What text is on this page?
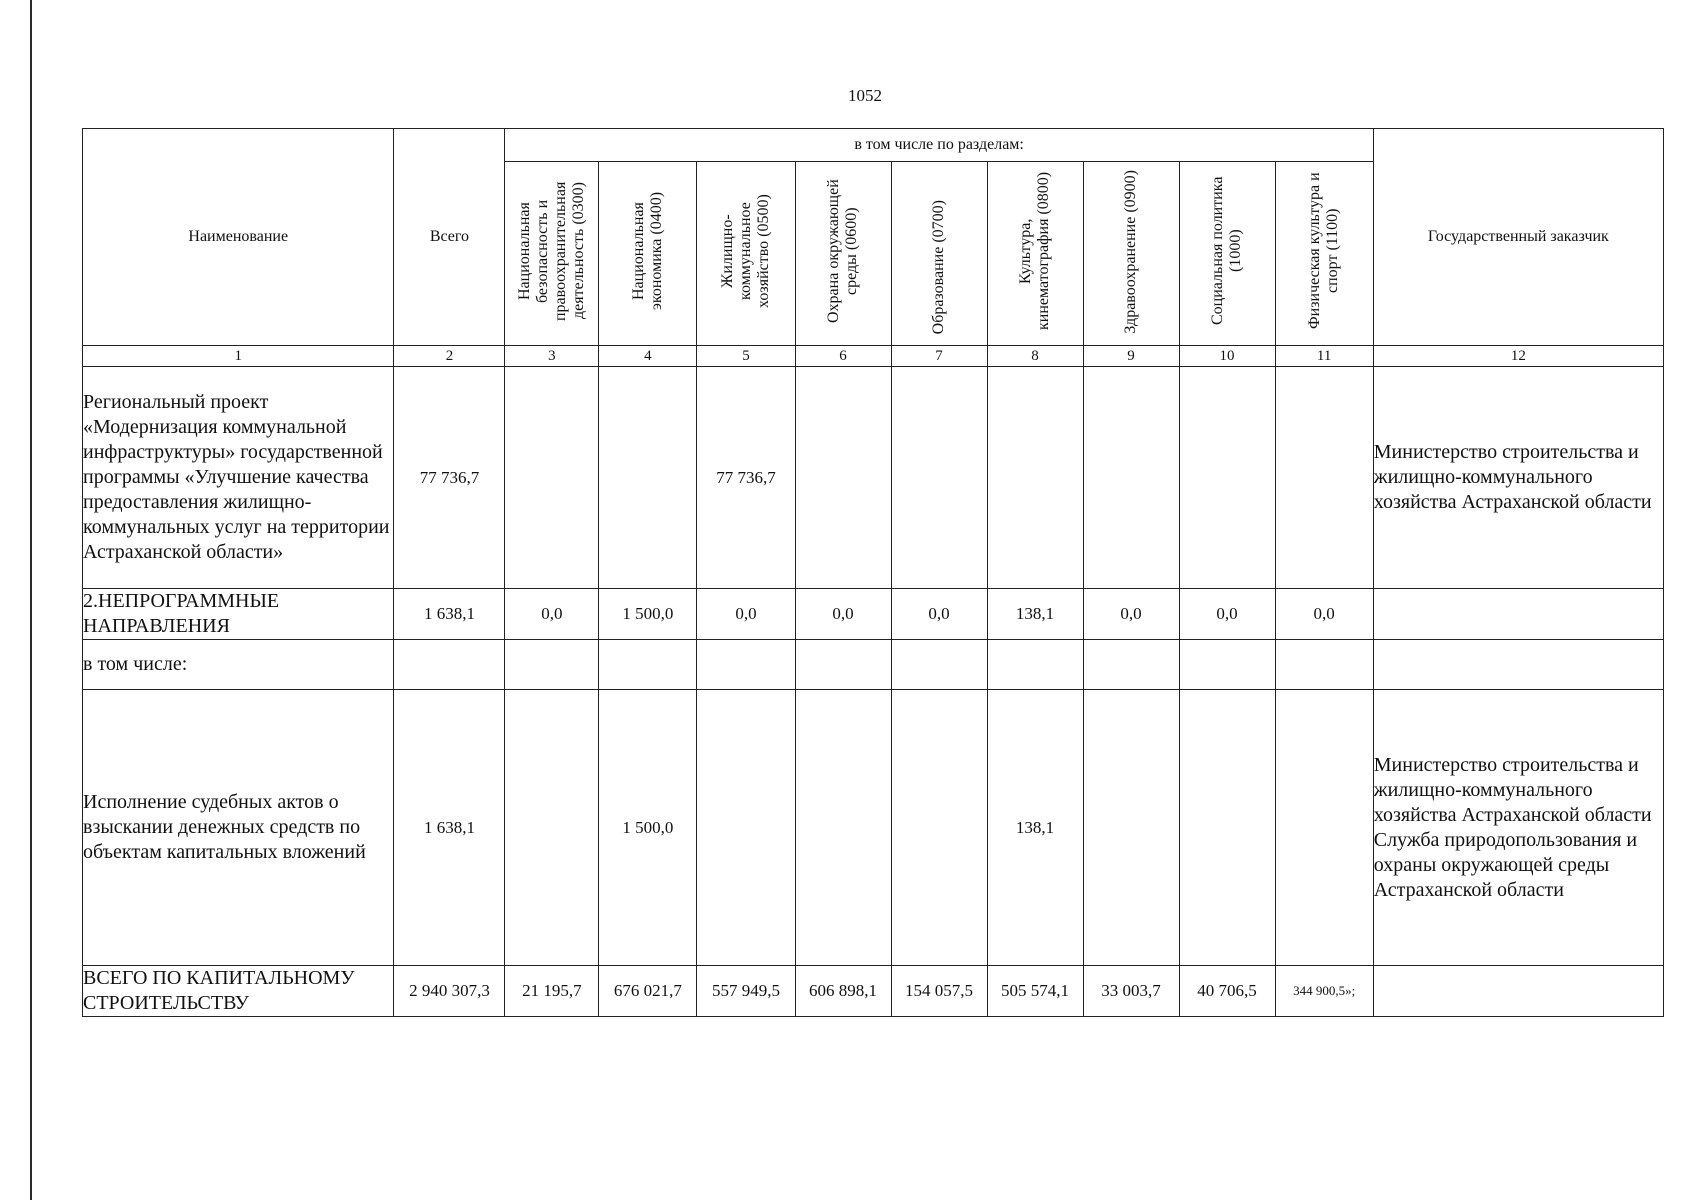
1052
Наименование	Всего	в том числе по разделам:									Государственный заказчик
		Национальная безопасность и правоохранительная деятельность (0300)	Национальная экономика (0400)	Жилищно-коммунальное хозяйство (0500)	Охрана окружающей среды (0600)	Образование (0700)	Культура, кинематография (0800)	Здравоохранение (0900)	Социальная политика (1000)	Физическая культура и спорт (1100)	
1	2	3	4	5	6	7	8	9	10	11	12
Региональный проект «Модернизация коммунальной инфраструктуры» государственной программы «Улучшение качества предоставления жилищно-коммунальных услуг на территории Астраханской области»	77 736,7			77 736,7							Министерство строительства и жилищно-коммунального хозяйства Астраханской области
2.НЕПРОГРАММНЫЕ НАПРАВЛЕНИЯ	1 638,1	0,0	1 500,0	0,0	0,0	0,0	138,1	0,0	0,0	0,0	
в том числе:											
Исполнение судебных актов о взыскании денежных средств по объектам капитальных вложений	1 638,1		1 500,0				138,1				Министерство строительства и жилищно-коммунального хозяйства Астраханской области Служба природопользования и охраны окружающей среды Астраханской области
ВСЕГО ПО КАПИТАЛЬНОМУ СТРОИТЕЛЬСТВУ	2 940 307,3	21 195,7	676 021,7	557 949,5	606 898,1	154 057,5	505 574,1	33 003,7	40 706,5	344 900,5»;	
